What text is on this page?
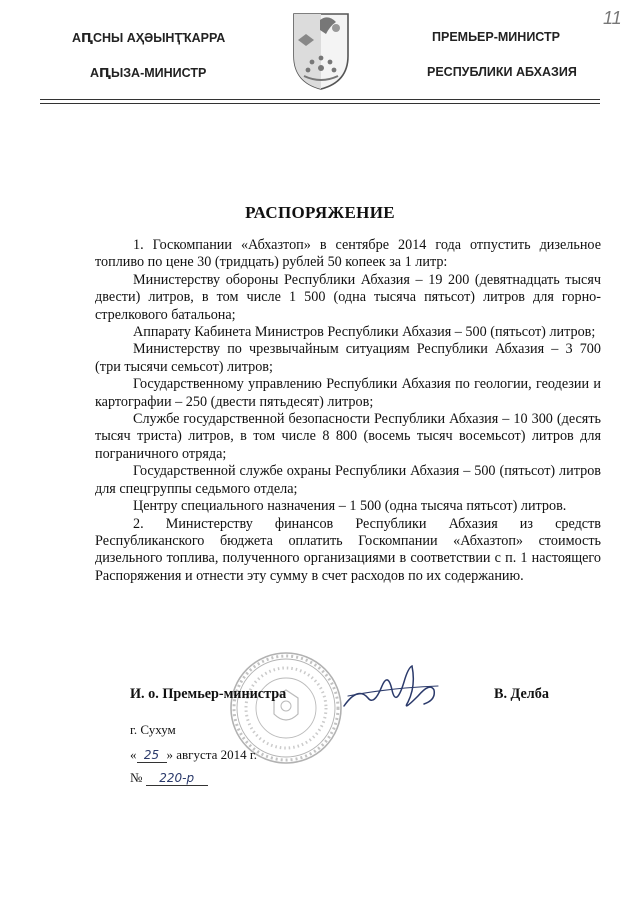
АԤСНЫ АҲӘЫНҬҠАРРА
АԤЫЗА-МИНИСТР
ПРЕМЬЕР-МИНИСТР
РЕСПУБЛИКИ АБХАЗИЯ
11
РАСПОРЯЖЕНИЕ

1. Госкомпании «Абхазтоп» в сентябре 2014 года отпустить дизельное топливо по цене 30 (тридцать) рублей 50 копеек за 1 литр:

Министерству обороны Республики Абхазия – 19 200 (девятнадцать тысяч двести) литров, в том числе 1 500 (одна тысяча пятьсот) литров для горно-стрелкового батальона;

Аппарату Кабинета Министров Республики Абхазия – 500 (пятьсот) литров;

Министерству по чрезвычайным ситуациям Республики Абхазия – 3 700 (три тысячи семьсот) литров;

Государственному управлению Республики Абхазия по геологии, геодезии и картографии – 250 (двести пятьдесят) литров;

Службе государственной безопасности Республики Абхазия – 10 300 (десять тысяч триста) литров, в том числе 8 800 (восемь тысяч восемьсот) литров для пограничного отряда;

Государственной службе охраны Республики Абхазия – 500 (пятьсот) литров для спецгруппы седьмого отдела;

Центру специального назначения – 1 500 (одна тысяча пятьсот) литров.

2. Министерству финансов Республики Абхазия из средств Республиканского бюджета оплатить Госкомпании «Абхазтоп» стоимость дизельного топлива, полученного организациями в соответствии с п. 1 настоящего Распоряжения и отнести эту сумму в счет расходов по их содержанию.

И. о. Премьер-министра	В. Делба
г. Сухум
« 25 » августа 2014 г.
№ 220-р
